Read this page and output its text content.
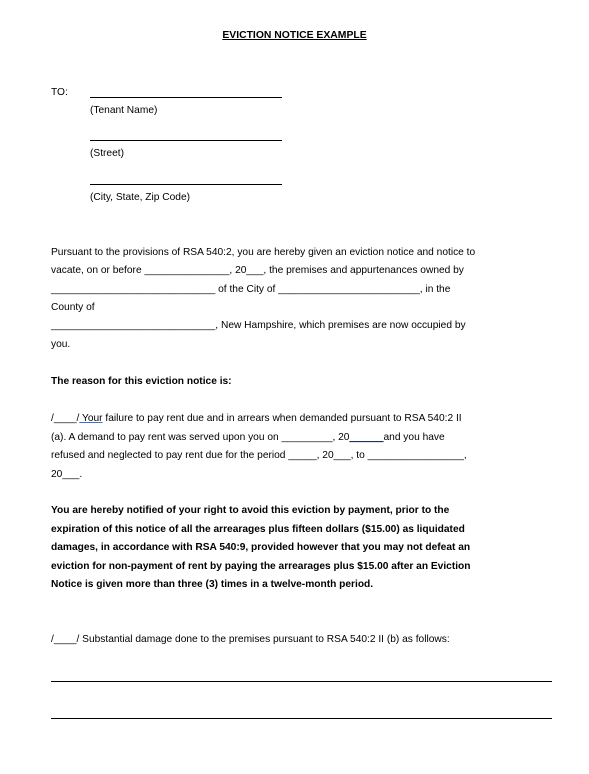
EVICTION NOTICE EXAMPLE
TO:
(Tenant Name)
(Street)
(City, State, Zip Code)
Pursuant to the provisions of RSA 540:2, you are hereby given an eviction notice and notice to
vacate, on or before _______________, 20___, the premises and appurtenances owned by
_____________________________ of the City of _________________________, in the
County of
_____________________________, New Hampshire, which premises are now occupied by
you.
The reason for this eviction notice is:
/____/ Your failure to pay rent due and in arrears when demanded pursuant to RSA 540:2 II
(a). A demand to pay rent was served upon you on _________, 20______and you have
refused and neglected to pay rent due for the period _____, 20___, to _________________,
20___.
You are hereby notified of your right to avoid this eviction by payment, prior to the
expiration of this notice of all the arrearages plus fifteen dollars ($15.00) as liquidated
damages, in accordance with RSA 540:9, provided however that you may not defeat an
eviction for non-payment of rent by paying the arrearages plus $15.00 after an Eviction
Notice is given more than three (3) times in a twelve-month period.
/____/ Substantial damage done to the premises pursuant to RSA 540:2 II (b) as follows:
